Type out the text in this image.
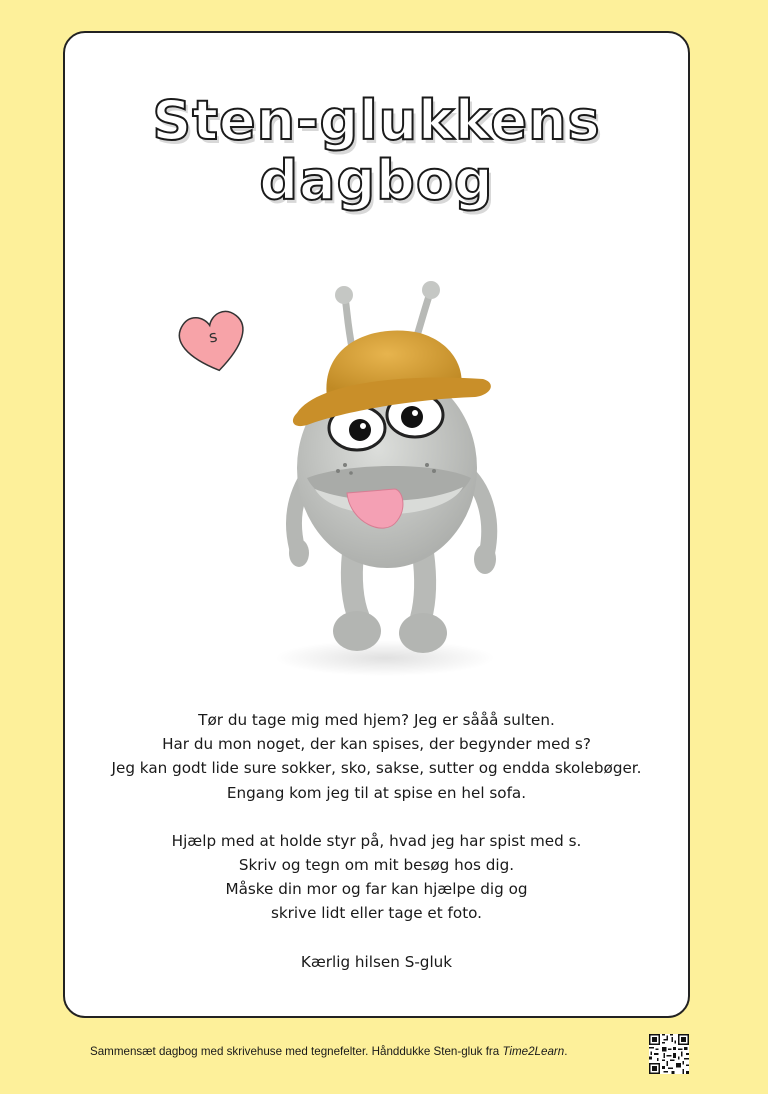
Sten-glukkens
dagbog
s

Tør du tage mig med hjem? Jeg er sååå sulten.
Har du mon noget, der kan spises, der begynder med s?
Jeg kan godt lide sure sokker, sko, sakse, sutter og endda skolebøger.
Engang kom jeg til at spise en hel sofa.

Hjælp med at holde styr på, hvad jeg har spist med s.
Skriv og tegn om mit besøg hos dig.
Måske din mor og far kan hjælpe dig og
skrive lidt eller tage et foto.

Kærlig hilsen S-gluk

Sammensæt dagbog med skrivehuse med tegnefelter. Hånddukke Sten-gluk fra Time2Learn.
